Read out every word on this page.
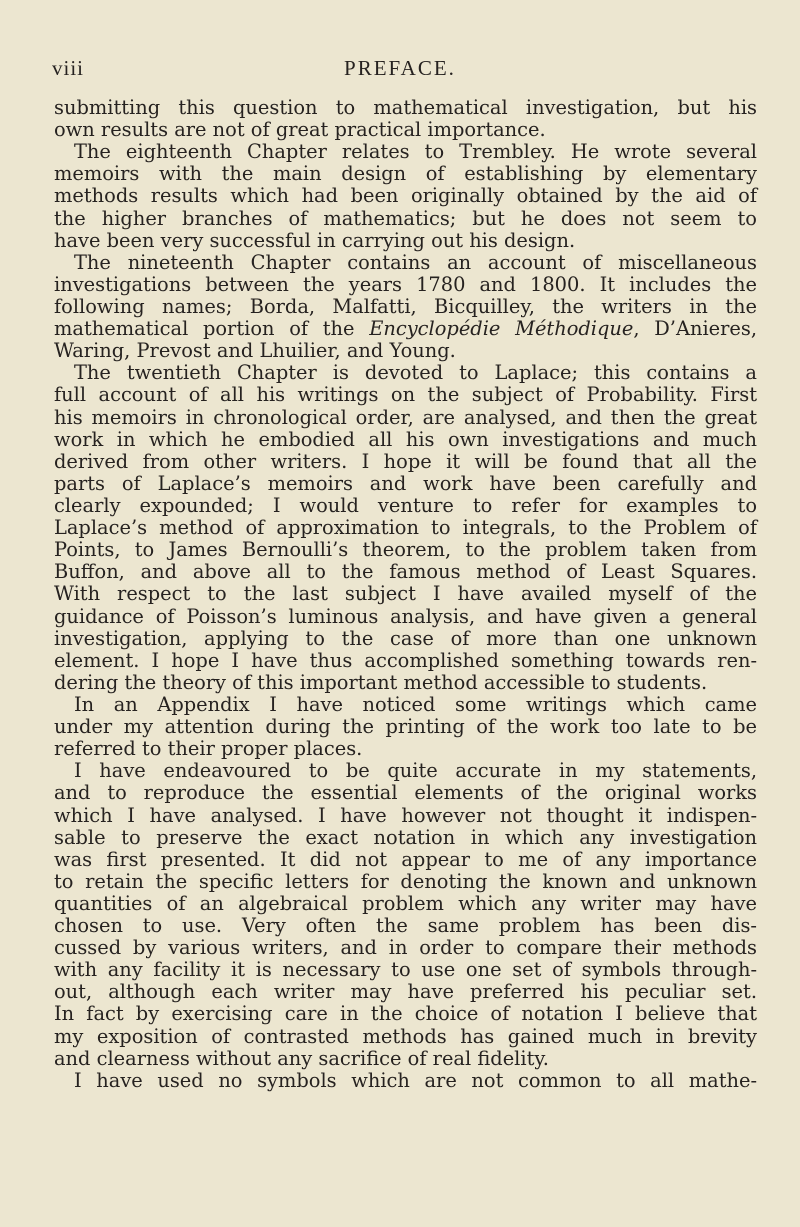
viii	PREFACE.
submitting this question to mathematical investigation, but his
own results are not of great practical importance.
The eighteenth Chapter relates to Trembley. He wrote several
memoirs with the main design of establishing by elementary
methods results which had been originally obtained by the aid of
the higher branches of mathematics; but he does not seem to
have been very successful in carrying out his design.
The nineteenth Chapter contains an account of miscellaneous
investigations between the years 1780 and 1800. It includes the
following names; Borda, Malfatti, Bicquilley, the writers in the
mathematical portion of the Encyclopédie Méthodique, D’Anieres,
Waring, Prevost and Lhuilier, and Young.
The twentieth Chapter is devoted to Laplace; this contains a
full account of all his writings on the subject of Probability. First
his memoirs in chronological order, are analysed, and then the great
work in which he embodied all his own investigations and much
derived from other writers. I hope it will be found that all the
parts of Laplace’s memoirs and work have been carefully and
clearly expounded; I would venture to refer for examples to
Laplace’s method of approximation to integrals, to the Problem of
Points, to James Bernoulli’s theorem, to the problem taken from
Buffon, and above all to the famous method of Least Squares.
With respect to the last subject I have availed myself of the
guidance of Poisson’s luminous analysis, and have given a general
investigation, applying to the case of more than one unknown
element. I hope I have thus accomplished something towards ren-
dering the theory of this important method accessible to students.
In an Appendix I have noticed some writings which came
under my attention during the printing of the work too late to be
referred to their proper places.
I have endeavoured to be quite accurate in my statements,
and to reproduce the essential elements of the original works
which I have analysed. I have however not thought it indispen-
sable to preserve the exact notation in which any investigation
was first presented. It did not appear to me of any importance
to retain the specific letters for denoting the known and unknown
quantities of an algebraical problem which any writer may have
chosen to use. Very often the same problem has been dis-
cussed by various writers, and in order to compare their methods
with any facility it is necessary to use one set of symbols through-
out, although each writer may have preferred his peculiar set.
In fact by exercising care in the choice of notation I believe that
my exposition of contrasted methods has gained much in brevity
and clearness without any sacrifice of real fidelity.
I have used no symbols which are not common to all mathe-
